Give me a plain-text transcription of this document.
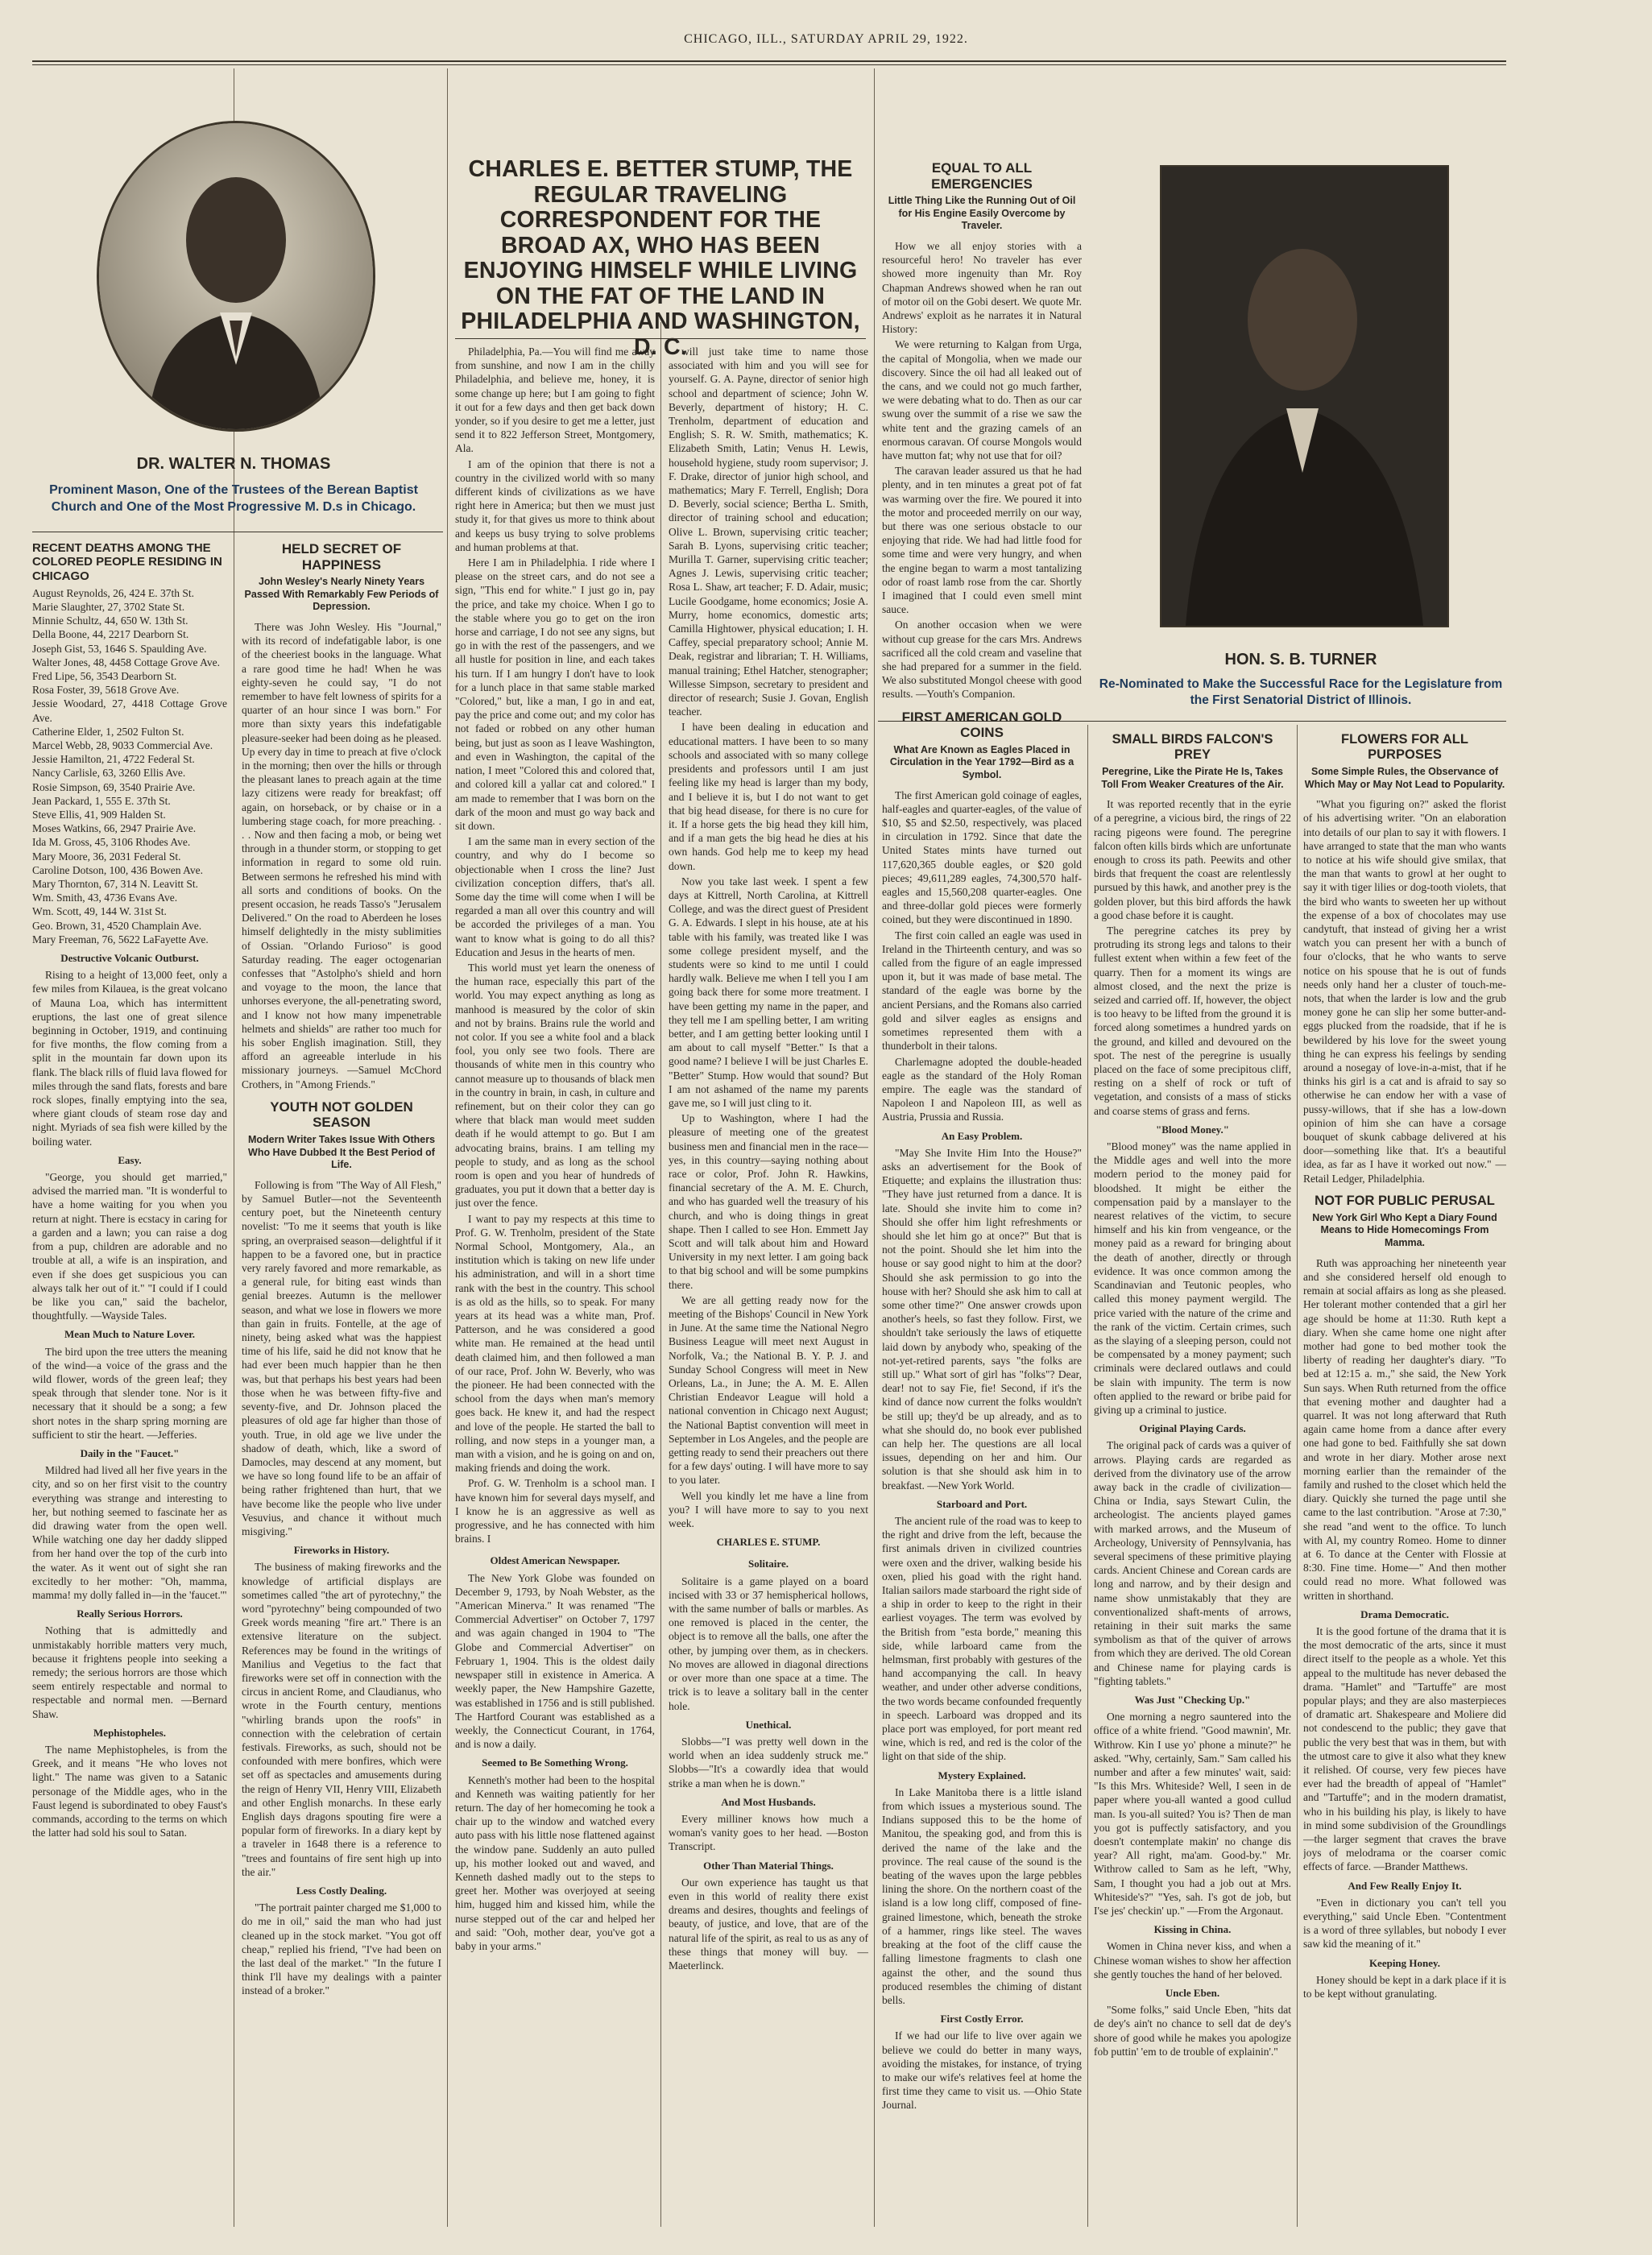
CHICAGO, ILL., SATURDAY APRIL 29, 1922.
DR. WALTER N. THOMAS
Prominent Mason, One of the Trustees of the Berean Baptist Church and One of the Most Progressive M. D.s in Chicago.
HON. S. B. TURNER
Re-Nominated to Make the Successful Race for the Legislature from the First Senatorial District of Illinois.
RECENT DEATHS AMONG THE COLORED PEOPLE RESIDING IN CHICAGO
August Reynolds, 26, 424 E. 37th St.
Marie Slaughter, 27, 3702 State St.
Minnie Schultz, 44, 650 W. 13th St.
Della Boone, 44, 2217 Dearborn St.
Joseph Gist, 53, 1646 S. Spaulding Ave.
Walter Jones, 48, 4458 Cottage Grove Ave.
Fred Lipe, 56, 3543 Dearborn St.
Rosa Foster, 39, 5618 Grove Ave.
Jessie Woodard, 27, 4418 Cottage Grove Ave.
Catherine Elder, 1, 2502 Fulton St.
Marcel Webb, 28, 9033 Commercial Ave.
Jessie Hamilton, 21, 4722 Federal St.
Nancy Carlisle, 63, 3260 Ellis Ave.
Rosie Simpson, 69, 3540 Prairie Ave.
Jean Packard, 1, 555 E. 37th St.
Steve Ellis, 41, 909 Halden St.
Moses Watkins, 66, 2947 Prairie Ave.
Ida M. Gross, 45, 3106 Rhodes Ave.
Mary Moore, 36, 2031 Federal St.
Caroline Dotson, 100, 436 Bowen Ave.
Mary Thornton, 67, 314 N. Leavitt St.
Wm. Smith, 43, 4736 Evans Ave.
Wm. Scott, 49, 144 W. 31st St.
Geo. Brown, 31, 4520 Champlain Ave.
Mary Freeman, 76, 5622 LaFayette Ave.
Destructive Volcanic Outburst.

Rising to a height of 13,000 feet, only a few miles from Kilauea, is the great volcano of Mauna Loa, which has intermittent eruptions, the last one of great silence beginning in October, 1919, and continuing for five months, the flow coming from a split in the mountain far down upon its flank. The black rills of fluid lava flowed for miles through the sand flats, forests and bare rock slopes, finally emptying into the sea, where giant clouds of steam rose day and night. Myriads of sea fish were killed by the boiling water.

Easy.

"George, you should get married," advised the married man. "It is wonderful to have a home waiting for you when you return at night. There is ecstacy in caring for a garden and a lawn; you can raise a dog from a pup, children are adorable and no trouble at all, a wife is an inspiration, and even if she does get suspicious you can always talk her out of it." "I could if I could be like you can," said the bachelor, thoughtfully. —Wayside Tales.

Mean Much to Nature Lover.

The bird upon the tree utters the meaning of the wind—a voice of the grass and the wild flower, words of the green leaf; they speak through that slender tone. Nor is it necessary that it should be a song; a few short notes in the sharp spring morning are sufficient to stir the heart. —Jefferies.

Daily in the "Faucet."

Mildred had lived all her five years in the city, and so on her first visit to the country everything was strange and interesting to her, but nothing seemed to fascinate her as did drawing water from the open well. While watching one day her daddy slipped from her hand over the top of the curb into the water. As it went out of sight she ran excitedly to her mother: "Oh, mamma, mamma! my dolly falled in—in the 'faucet.'"

Really Serious Horrors.

Nothing that is admittedly and unmistakably horrible matters very much, because it frightens people into seeking a remedy; the serious horrors are those which seem entirely respectable and normal to respectable and normal men. —Bernard Shaw.

Mephistopheles.

The name Mephistopheles, is from the Greek, and it means "He who loves not light." The name was given to a Satanic personage of the Middle ages, who in the Faust legend is subordinated to obey Faust's commands, according to the terms on which the latter had sold his soul to Satan.

HELD SECRET OF HAPPINESS
John Wesley's Nearly Ninety Years Passed With Remarkably Few Periods of Depression.

There was John Wesley. His "Journal," with its record of indefatigable labor, is one of the cheeriest books in the language. What a rare good time he had! When he was eighty-seven he could say, "I do not remember to have felt lowness of spirits for a quarter of an hour since I was born." For more than sixty years this indefatigable pleasure-seeker had been doing as he pleased. Up every day in time to preach at five o'clock in the morning; then over the hills or through the pleasant lanes to preach again at the time lazy citizens were ready for breakfast; off again, on horseback, or by chaise or in a lumbering stage coach, for more preaching. . . . Now and then facing a mob, or being wet through in a thunder storm, or stopping to get information in regard to some old ruin. Between sermons he refreshed his mind with all sorts and conditions of books. On the present occasion, he reads Tasso's "Jerusalem Delivered." On the road to Aberdeen he loses himself delightedly in the misty sublimities of Ossian. "Orlando Furioso" is good Saturday reading. The eager octogenarian confesses that "Astolpho's shield and horn and voyage to the moon, the lance that unhorses everyone, the all-penetrating sword, and I know not how many impenetrable helmets and shields" are rather too much for his sober English imagination. Still, they afford an agreeable interlude in his missionary journeys. —Samuel McChord Crothers, in "Among Friends."

YOUTH NOT GOLDEN SEASON
Modern Writer Takes Issue With Others Who Have Dubbed It the Best Period of Life.

Following is from "The Way of All Flesh," by Samuel Butler—not the Seventeenth century poet, but the Nineteenth century novelist: "To me it seems that youth is like spring, an overpraised season—delightful if it happen to be a favored one, but in practice very rarely favored and more remarkable, as a general rule, for biting east winds than genial breezes. Autumn is the mellower season, and what we lose in flowers we more than gain in fruits. Fontelle, at the age of ninety, being asked what was the happiest time of his life, said he did not know that he had ever been much happier than he then was, but that perhaps his best years had been those when he was between fifty-five and seventy-five, and Dr. Johnson placed the pleasures of old age far higher than those of youth. True, in old age we live under the shadow of death, which, like a sword of Damocles, may descend at any moment, but we have so long found life to be an affair of being rather frightened than hurt, that we have become like the people who live under Vesuvius, and chance it without much misgiving."

Fireworks in History.

The business of making fireworks and the knowledge of artificial displays are sometimes called "the art of pyrotechny," the word "pyrotechny" being compounded of two Greek words meaning "fire art." There is an extensive literature on the subject. References may be found in the writings of Manilius and Vegetius to the fact that fireworks were set off in connection with the circus in ancient Rome, and Claudianus, who wrote in the Fourth century, mentions "whirling brands upon the roofs" in connection with the celebration of certain festivals. Fireworks, as such, should not be confounded with mere bonfires, which were set off as spectacles and amusements during the reign of Henry VII, Henry VIII, Elizabeth and other English monarchs. In these early English days dragons spouting fire were a popular form of fireworks. In a diary kept by a traveler in 1648 there is a reference to "trees and fountains of fire sent high up into the air."

Less Costly Dealing.

"The portrait painter charged me $1,000 to do me in oil," said the man who had just cleaned up in the stock market. "You got off cheap," replied his friend, "I've had been on the last deal of the market." "In the future I think I'll have my dealings with a painter instead of a broker."

CHARLES E. BETTER STUMP, THE REGULAR TRAVELING CORRESPONDENT FOR THE BROAD AX, WHO HAS BEEN ENJOYING HIMSELF WHILE LIVING ON THE FAT OF THE LAND IN PHILADELPHIA AND WASHINGTON, D. C.

Philadelphia, Pa.—You will find me away from sunshine, and now I am in the chilly Philadelphia, and believe me, honey, it is some change up here; but I am going to fight it out for a few days and then get back down yonder, so if you desire to get me a letter, just send it to 822 Jefferson Street, Montgomery, Ala.

I am of the opinion that there is not a country in the civilized world with so many different kinds of civilizations as we have right here in America; but then we must just study it, for that gives us more to think about and keeps us busy trying to solve problems and human problems at that.

Here I am in Philadelphia. I ride where I please on the street cars, and do not see a sign, "This end for white." I just go in, pay the price, and take my choice. When I go to the stable where you go to get on the iron horse and carriage, I do not see any signs, but go in with the rest of the passengers, and we all hustle for position in line, and each takes his turn. If I am hungry I don't have to look for a lunch place in that same stable marked "Colored," but, like a man, I go in and eat, pay the price and come out; and my color has not faded or robbed on any other human being, but just as soon as I leave Washington, and even in Washington, the capital of the nation, I meet "Colored this and colored that, and colored kill a yallar cat and colored." I am made to remember that I was born on the dark of the moon and must go way back and sit down.

I am the same man in every section of the country, and why do I become so objectionable when I cross the line? Just civilization conception differs, that's all. Some day the time will come when I will be regarded a man all over this country and will be accorded the privileges of a man. You want to know what is going to do all this? Education and Jesus in the hearts of men.

This world must yet learn the oneness of the human race, especially this part of the world. You may expect anything as long as manhood is measured by the color of skin and not by brains. Brains rule the world and not color. If you see a white fool and a black fool, you only see two fools. There are thousands of white men in this country who cannot measure up to thousands of black men in the country in brain, in cash, in culture and refinement, but on their color they can go where that black man would meet sudden death if he would attempt to go. But I am advocating brains, brains. I am telling my people to study, and as long as the school room is open and you hear of hundreds of graduates, you put it down that a better day is just over the fence.

I want to pay my respects at this time to Prof. G. W. Trenholm, president of the State Normal School, Montgomery, Ala., an institution which is taking on new life under his administration, and will in a short time rank with the best in the country. This school is as old as the hills, so to speak. For many years at its head was a white man, Prof. Patterson, and he was considered a good white man. He remained at the head until death claimed him, and then followed a man of our race, Prof. John W. Beverly, who was the pioneer. He had been connected with the school from the days when man's memory goes back. He knew it, and had the respect and love of the people. He started the ball to rolling, and now steps in a younger man, a man with a vision, and he is going on and on, making friends and doing the work.

Prof. G. W. Trenholm is a school man. I have known him for several days myself, and I know he is an aggressive as well as progressive, and he has connected with him brains. I

Oldest American Newspaper.

The New York Globe was founded on December 9, 1793, by Noah Webster, as the "American Minerva." It was renamed "The Commercial Advertiser" on October 7, 1797 and was again changed in 1904 to "The Globe and Commercial Advertiser" on February 1, 1904. This is the oldest daily newspaper still in existence in America. A weekly paper, the New Hampshire Gazette, was established in 1756 and is still published. The Hartford Courant was established as a weekly, the Connecticut Courant, in 1764, and is now a daily.

Seemed to Be Something Wrong.

Kenneth's mother had been to the hospital and Kenneth was waiting patiently for her return. The day of her homecoming he took a chair up to the window and watched every auto pass with his little nose flattened against the window pane. Suddenly an auto pulled up, his mother looked out and waved, and Kenneth dashed madly out to the steps to greet her. Mother was overjoyed at seeing him, hugged him and kissed him, while the nurse stepped out of the car and helped her and said: "Ooh, mother dear, you've got a baby in your arms."

will just take time to name those associated with him and you will see for yourself. G. A. Payne, director of senior high school and department of science; John W. Beverly, department of history; H. C. Trenholm, department of education and English; S. R. W. Smith, mathematics; K. Elizabeth Smith, Latin; Venus H. Lewis, household hygiene, study room supervisor; J. F. Drake, director of junior high school, and mathematics; Mary F. Terrell, English; Dora D. Beverly, social science; Bertha L. Smith, director of training school and education; Olive L. Brown, supervising critic teacher; Sarah B. Lyons, supervising critic teacher; Murilla T. Garner, supervising critic teacher; Agnes J. Lewis, supervising critic teacher; Rosa L. Shaw, art teacher; F. D. Adair, music; Lucile Goodgame, home economics; Josie A. Murry, home economics, domestic arts; Camilla Hightower, physical education; I. H. Caffey, special preparatory school; Annie M. Deak, registrar and librarian; T. H. Williams, manual training; Ethel Hatcher, stenographer; Willesse Simpson, secretary to president and director of research; Susie J. Govan, English teacher.

I have been dealing in education and educational matters. I have been to so many schools and associated with so many college presidents and professors until I am just feeling like my head is larger than my body, and I believe it is, but I do not want to get that big head disease, for there is no cure for it. If a horse gets the big head they kill him, and if a man gets the big head he dies at his own hands. God help me to keep my head down.

Now you take last week. I spent a few days at Kittrell, North Carolina, at Kittrell College, and was the direct guest of President G. A. Edwards. I slept in his house, ate at his table with his family, was treated like I was some college president myself, and the students were so kind to me until I could hardly walk. Believe me when I tell you I am going back there for some more treatment. I have been getting my name in the paper, and they tell me I am spelling better, I am writing better, and I am getting better looking until I am about to call myself "Better." Is that a good name? I believe I will be just Charles E. "Better" Stump. How would that sound? But I am not ashamed of the name my parents gave me, so I will just cling to it.

Up to Washington, where I had the pleasure of meeting one of the greatest business men and financial men in the race—yes, in this country—saying nothing about race or color, Prof. John R. Hawkins, financial secretary of the A. M. E. Church, and who has guarded well the treasury of his church, and who is doing things in great shape. Then I called to see Hon. Emmett Jay Scott and will talk about him and Howard University in my next letter. I am going back to that big school and will be some pumpkins there.

We are all getting ready now for the meeting of the Bishops' Council in New York in June. At the same time the National Negro Business League will meet next August in Norfolk, Va.; the National B. Y. P. J. and Sunday School Congress will meet in New Orleans, La., in June; the A. M. E. Allen Christian Endeavor League will hold a national convention in Chicago next August; the National Baptist convention will meet in September in Los Angeles, and the people are getting ready to send their preachers out there for a few days' outing. I will have more to say to you later.

Well you kindly let me have a line from you? I will have more to say to you next week.

CHARLES E. STUMP.
Solitaire.

Solitaire is a game played on a board incised with 33 or 37 hemispherical hollows, with the same number of balls or marbles. As one removed is placed in the center, the object is to remove all the balls, one after the other, by jumping over them, as in checkers. No moves are allowed in diagonal directions or over more than one space at a time. The trick is to leave a solitary ball in the center hole.

Unethical.

Slobbs—"I was pretty well down in the world when an idea suddenly struck me." Slobbs—"It's a cowardly idea that would strike a man when he is down."

And Most Husbands.

Every milliner knows how much a woman's vanity goes to her head. —Boston Transcript.

Other Than Material Things.

Our own experience has taught us that even in this world of reality there exist dreams and desires, thoughts and feelings of beauty, of justice, and love, that are of the natural life of the spirit, as real to us as any of these things that money will buy. —Maeterlinck.

EQUAL TO ALL EMERGENCIES
Little Thing Like the Running Out of Oil for His Engine Easily Overcome by Traveler.

How we all enjoy stories with a resourceful hero! No traveler has ever showed more ingenuity than Mr. Roy Chapman Andrews showed when he ran out of motor oil on the Gobi desert. We quote Mr. Andrews' exploit as he narrates it in Natural History:

We were returning to Kalgan from Urga, the capital of Mongolia, when we made our discovery. Since the oil had all leaked out of the cans, and we could not go much farther, we were debating what to do. Then as our car swung over the summit of a rise we saw the white tent and the grazing camels of an enormous caravan. Of course Mongols would have mutton fat; why not use that for oil?

The caravan leader assured us that he had plenty, and in ten minutes a great pot of fat was warming over the fire. We poured it into the motor and proceeded merrily on our way, but there was one serious obstacle to our enjoying that ride. We had had little food for some time and were very hungry, and when the engine began to warm a most tantalizing odor of roast lamb rose from the car. Shortly I imagined that I could even smell mint sauce.

On another occasion when we were without cup grease for the cars Mrs. Andrews sacrificed all the cold cream and vaseline that she had prepared for a summer in the field. We also substituted Mongol cheese with good results. —Youth's Companion.

FIRST AMERICAN GOLD COINS
What Are Known as Eagles Placed in Circulation in the Year 1792—Bird as a Symbol.

The first American gold coinage of eagles, half-eagles and quarter-eagles, of the value of $10, $5 and $2.50, respectively, was placed in circulation in 1792. Since that date the United States mints have turned out 117,620,365 double eagles, or $20 gold pieces; 49,611,289 eagles, 74,300,570 half-eagles and 15,560,208 quarter-eagles. One and three-dollar gold pieces were formerly coined, but they were discontinued in 1890.

The first coin called an eagle was used in Ireland in the Thirteenth century, and was so called from the figure of an eagle impressed upon it, but it was made of base metal. The standard of the eagle was borne by the ancient Persians, and the Romans also carried gold and silver eagles as ensigns and sometimes represented them with a thunderbolt in their talons.

Charlemagne adopted the double-headed eagle as the standard of the Holy Roman empire. The eagle was the standard of Napoleon I and Napoleon III, as well as Austria, Prussia and Russia.

An Easy Problem.

"May She Invite Him Into the House?" asks an advertisement for the Book of Etiquette; and explains the illustration thus: "They have just returned from a dance. It is late. Should she invite him to come in? Should she offer him light refreshments or should she let him go at once?" But that is not the point. Should she let him into the house or say good night to him at the door? Should she ask permission to go into the house with her? Should she ask him to call at some other time?" One answer crowds upon another's heels, so fast they follow. First, we shouldn't take seriously the laws of etiquette laid down by anybody who, speaking of the not-yet-retired parents, says "the folks are still up." What sort of girl has "folks"? Dear, dear! not to say Fie, fie! Second, if it's the kind of dance now current the folks wouldn't be still up; they'd be up already, and as to what she should do, no book ever published can help her. The questions are all local issues, depending on her and him. Our solution is that she should ask him in to breakfast. —New York World.

Starboard and Port.

The ancient rule of the road was to keep to the right and drive from the left, because the first animals driven in civilized countries were oxen and the driver, walking beside his oxen, plied his goad with the right hand. Italian sailors made starboard the right side of a ship in order to keep to the right in their earliest voyages. The term was evolved by the British from "esta borde," meaning this side, while larboard came from the helmsman, first probably with gestures of the hand accompanying the call. In heavy weather, and under other adverse conditions, the two words became confounded frequently in speech. Larboard was dropped and its place port was employed, for port meant red wine, which is red, and red is the color of the light on that side of the ship.

Mystery Explained.

In Lake Manitoba there is a little island from which issues a mysterious sound. The Indians supposed this to be the home of Manitou, the speaking god, and from this is derived the name of the lake and the province. The real cause of the sound is the beating of the waves upon the large pebbles lining the shore. On the northern coast of the island is a low long cliff, composed of fine-grained limestone, which, beneath the stroke of a hammer, rings like steel. The waves breaking at the foot of the cliff cause the falling limestone fragments to clash one against the other, and the sound thus produced resembles the chiming of distant bells.

First Costly Error.

If we had our life to live over again we believe we could do better in many ways, avoiding the mistakes, for instance, of trying to make our wife's relatives feel at home the first time they came to visit us. —Ohio State Journal.

SMALL BIRDS FALCON'S PREY
Peregrine, Like the Pirate He Is, Takes Toll From Weaker Creatures of the Air.

It was reported recently that in the eyrie of a peregrine, a vicious bird, the rings of 22 racing pigeons were found. The peregrine falcon often kills birds which are unfortunate enough to cross its path. Peewits and other birds that frequent the coast are relentlessly pursued by this hawk, and another prey is the golden plover, but this bird affords the hawk a good chase before it is caught.

The peregrine catches its prey by protruding its strong legs and talons to their fullest extent when within a few feet of the quarry. Then for a moment its wings are almost closed, and the next the prize is seized and carried off. If, however, the object is too heavy to be lifted from the ground it is forced along sometimes a hundred yards on the ground, and killed and devoured on the spot. The nest of the peregrine is usually placed on the face of some precipitous cliff, resting on a shelf of rock or tuft of vegetation, and consists of a mass of sticks and coarse stems of grass and ferns.

"Blood Money."

"Blood money" was the name applied in the Middle ages and well into the more modern period to the money paid for bloodshed. It might be either the compensation paid by a manslayer to the nearest relatives of the victim, to secure himself and his kin from vengeance, or the money paid as a reward for bringing about the death of another, directly or through evidence. It was once common among the Scandinavian and Teutonic peoples, who called this money payment wergild. The price varied with the nature of the crime and the rank of the victim. Certain crimes, such as the slaying of a sleeping person, could not be compensated by a money payment; such criminals were declared outlaws and could be slain with impunity. The term is now often applied to the reward or bribe paid for giving up a criminal to justice.

Original Playing Cards.

The original pack of cards was a quiver of arrows. Playing cards are regarded as derived from the divinatory use of the arrow away back in the cradle of civilization—China or India, says Stewart Culin, the archeologist. The ancients played games with marked arrows, and the Museum of Archeology, University of Pennsylvania, has several specimens of these primitive playing cards. Ancient Chinese and Corean cards are long and narrow, and by their design and name show unmistakably that they are conventionalized shaft-ments of arrows, retaining in their suit marks the same symbolism as that of the quiver of arrows from which they are derived. The old Corean and Chinese name for playing cards is "fighting tablets."

Was Just "Checking Up."

One morning a negro sauntered into the office of a white friend. "Good mawnin', Mr. Withrow. Kin I use yo' phone a minute?" he asked. "Why, certainly, Sam." Sam called his number and after a few minutes' wait, said: "Is this Mrs. Whiteside? Well, I seen in de paper where you-all wanted a good cullud man. Is you-all suited? You is? Then de man you got is puffectly satisfactory, and you doesn't contemplate makin' no change dis year? All right, ma'am. Good-by." Mr. Withrow called to Sam as he left, "Why, Sam, I thought you had a job out at Mrs. Whiteside's?" "Yes, sah. I's got de job, but I'se jes' checkin' up." —From the Argonaut.

Kissing in China.

Women in China never kiss, and when a Chinese woman wishes to show her affection she gently touches the hand of her beloved.

Uncle Eben.

"Some folks," said Uncle Eben, "hits dat de dey's ain't no chance to sell dat de dey's shore of good while he makes you apologize fob puttin' 'em to de trouble of explainin'."

FLOWERS FOR ALL PURPOSES
Some Simple Rules, the Observance of Which May or May Not Lead to Popularity.

"What you figuring on?" asked the florist of his advertising writer. "On an elaboration into details of our plan to say it with flowers. I have arranged to state that the man who wants to notice at his wife should give smilax, that the man that wants to growl at her ought to say it with tiger lilies or dog-tooth violets, that the bird who wants to sweeten her up without the expense of a box of chocolates may use candytuft, that instead of giving her a wrist watch you can present her with a bunch of four o'clocks, that he who wants to serve notice on his spouse that he is out of funds needs only hand her a cluster of touch-me-nots, that when the larder is low and the grub money gone he can slip her some butter-and-eggs plucked from the roadside, that if he is bewildered by his love for the sweet young thing he can express his feelings by sending around a nosegay of love-in-a-mist, that if he thinks his girl is a cat and is afraid to say so otherwise he can endow her with a vase of pussy-willows, that if she has a low-down opinion of him she can have a corsage bouquet of skunk cabbage delivered at his door—something like that. It's a beautiful idea, as far as I have it worked out now." —Retail Ledger, Philadelphia.

NOT FOR PUBLIC PERUSAL
New York Girl Who Kept a Diary Found Means to Hide Homecomings From Mamma.

Ruth was approaching her nineteenth year and she considered herself old enough to remain at social affairs as long as she pleased. Her tolerant mother contended that a girl her age should be home at 11:30. Ruth kept a diary. When she came home one night after mother had gone to bed mother took the liberty of reading her daughter's diary. "To bed at 12:15 a. m.," she said, the New York Sun says. When Ruth returned from the office that evening mother and daughter had a quarrel. It was not long afterward that Ruth again came home from a dance after every one had gone to bed. Faithfully she sat down and wrote in her diary. Mother arose next morning earlier than the remainder of the family and rushed to the closet which held the diary. Quickly she turned the page until she came to the last contribution. "Arose at 7:30," she read "and went to the office. To lunch with Al, my country Romeo. Home to dinner at 6. To dance at the Center with Flossie at 8:30. Fine time. Home—" And then mother could read no more. What followed was written in shorthand.

Drama Democratic.

It is the good fortune of the drama that it is the most democratic of the arts, since it must direct itself to the people as a whole. Yet this appeal to the multitude has never debased the drama. "Hamlet" and "Tartuffe" are most popular plays; and they are also masterpieces of dramatic art. Shakespeare and Moliere did not condescend to the public; they gave that public the very best that was in them, but with the utmost care to give it also what they knew it relished. Of course, very few pieces have ever had the breadth of appeal of "Hamlet" and "Tartuffe"; and in the modern dramatist, who in his building his play, is likely to have in mind some subdivision of the Groundlings—the larger segment that craves the brave joys of melodrama or the coarser comic effects of farce. —Brander Matthews.

And Few Really Enjoy It.

"Even in dictionary you can't tell you everything," said Uncle Eben. "Contentment is a word of three syllables, but nobody I ever saw kid the meaning of it."

Keeping Honey.

Honey should be kept in a dark place if it is to be kept without granulating.
